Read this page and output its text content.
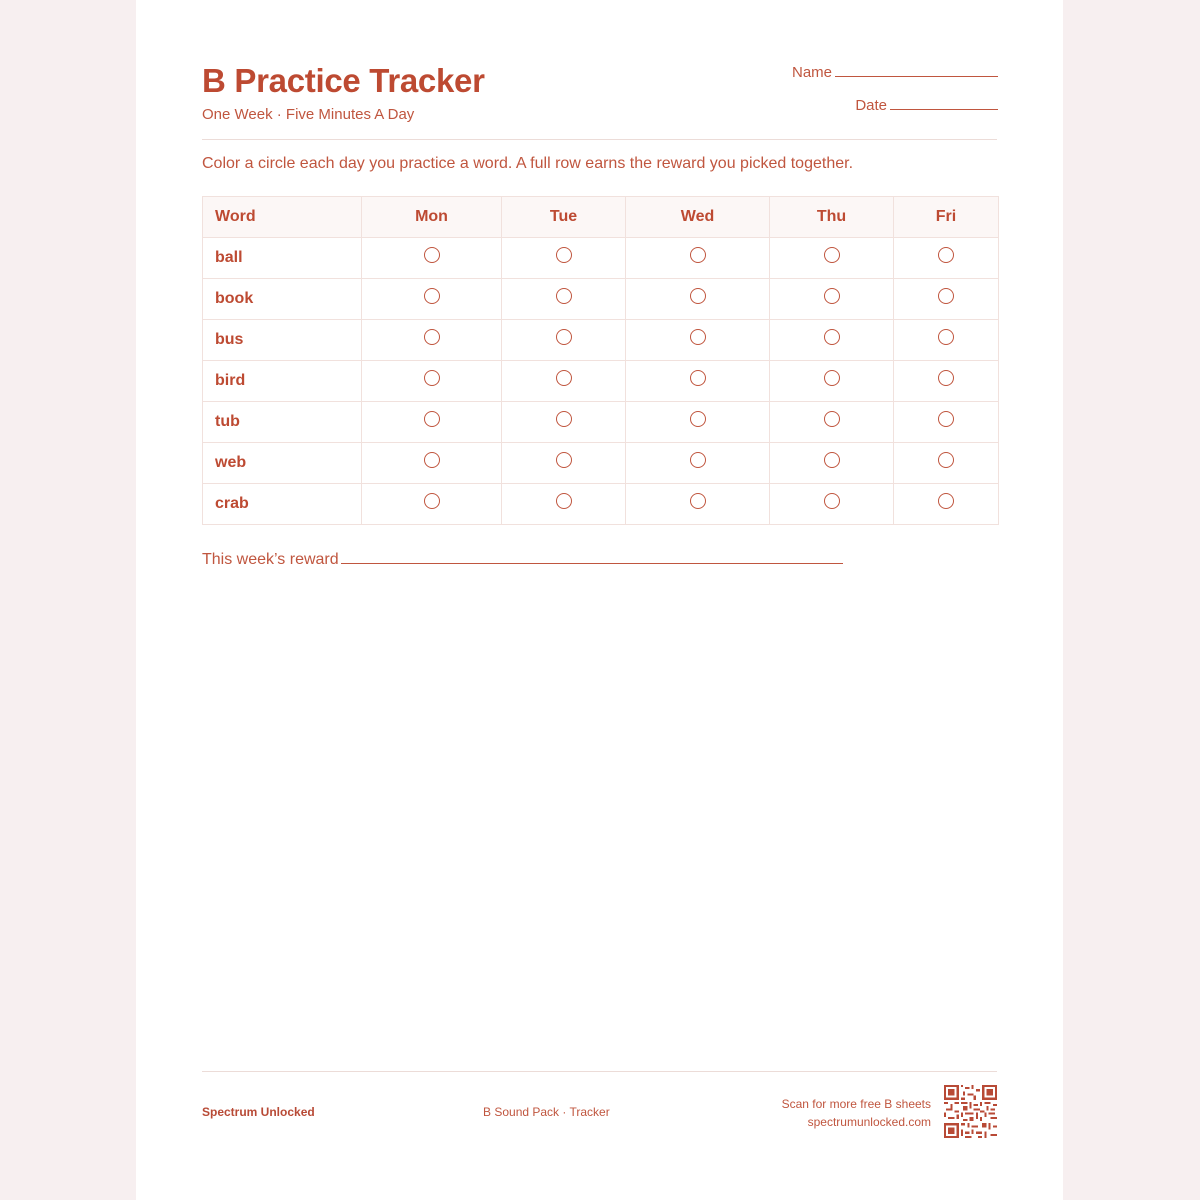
B Practice Tracker
One Week · Five Minutes A Day
Name
Date
Color a circle each day you practice a word. A full row earns the reward you picked together.
Word	Mon	Tue	Wed	Thu	Fri
ball					
book					
bus					
bird					
tub					
web					
crab					
This week’s reward
Spectrum Unlocked	B Sound Pack · Tracker
Scan for more free B sheets
spectrumunlocked.com
